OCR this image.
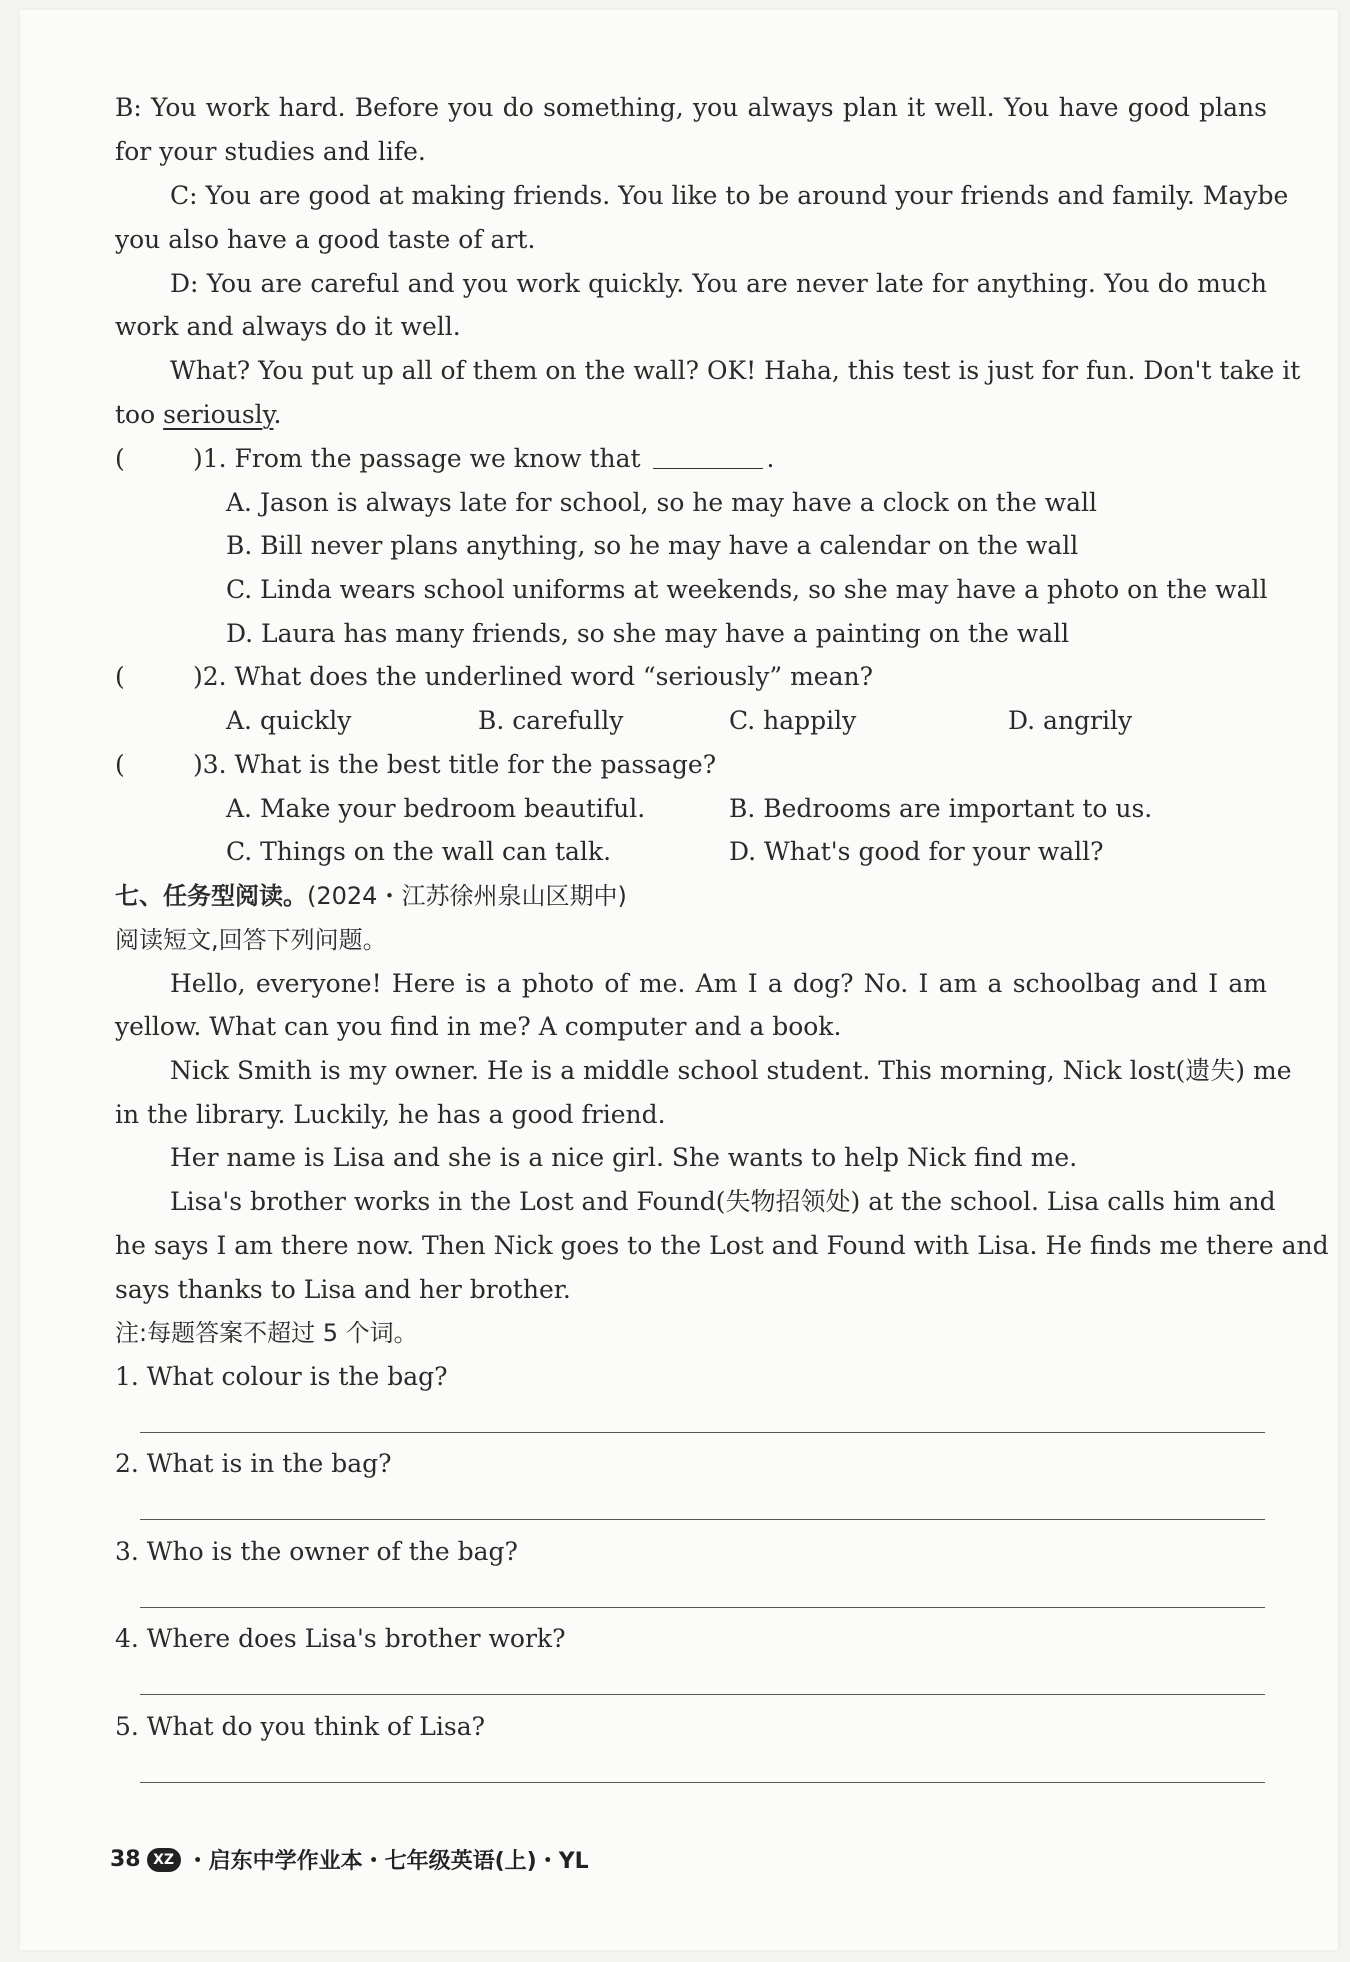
B: You work hard. Before you do something, you always plan it well. You have good plans
for your studies and life.
C: You are good at making friends. You like to be around your friends and family. Maybe
you also have a good taste of art.
D: You are careful and you work quickly. You are never late for anything. You do much
work and always do it well.
What? You put up all of them on the wall? OK! Haha, this test is just for fun. Don't take it
too seriously.
(	)1. From the passage we know that	.
A. Jason is always late for school, so he may have a clock on the wall
B. Bill never plans anything, so he may have a calendar on the wall
C. Linda wears school uniforms at weekends, so she may have a photo on the wall
D. Laura has many friends, so she may have a painting on the wall
(	)2. What does the underlined word “seriously” mean?
A. quickly	B. carefully	C. happily	D. angrily
(	)3. What is the best title for the passage?
A. Make your bedroom beautiful.	B. Bedrooms are important to us.
C. Things on the wall can talk.	D. What's good for your wall?
七、任务型阅读。(2024・江苏徐州泉山区期中)
阅读短文,回答下列问题。
Hello, everyone! Here is a photo of me. Am I a dog? No. I am a schoolbag and I am
yellow. What can you find in me? A computer and a book.
Nick Smith is my owner. He is a middle school student. This morning, Nick lost(遗失) me
in the library. Luckily, he has a good friend.
Her name is Lisa and she is a nice girl. She wants to help Nick find me.
Lisa's brother works in the Lost and Found(失物招领处) at the school. Lisa calls him and
he says I am there now. Then Nick goes to the Lost and Found with Lisa. He finds me there and
says thanks to Lisa and her brother.
注:每题答案不超过 5 个词。
1. What colour is the bag?
2. What is in the bag?
3. Who is the owner of the bag?
4. Where does Lisa's brother work?
5. What do you think of Lisa?
38 XZ ・启东中学作业本・七年级英语(上)・YL
